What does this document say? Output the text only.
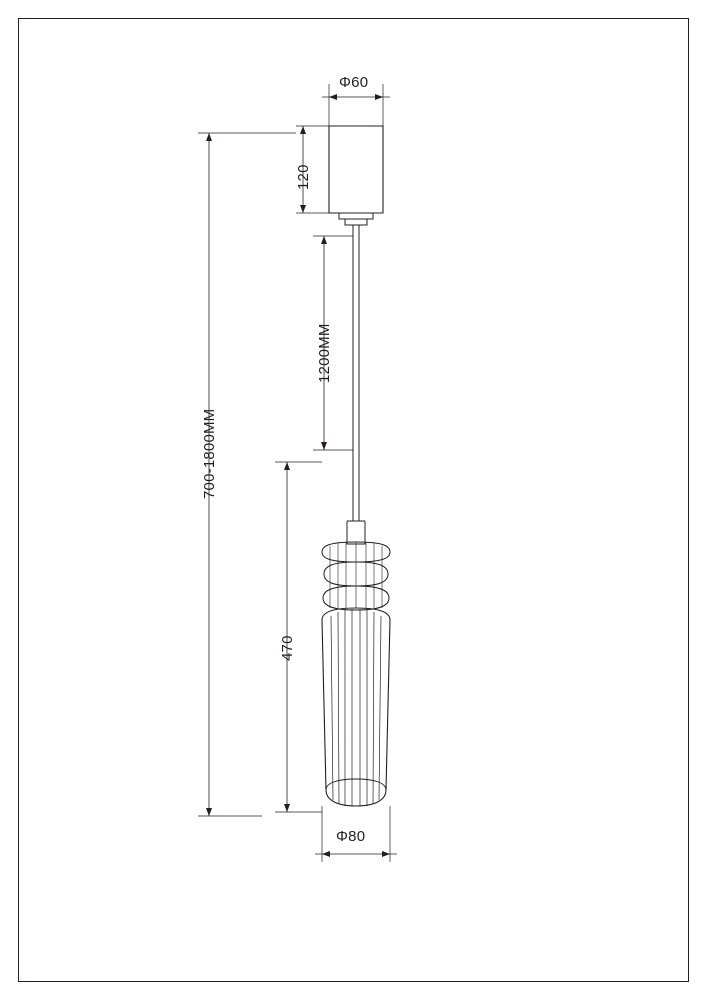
Φ60
120
1200MM
470
700-1800MM
Φ80
